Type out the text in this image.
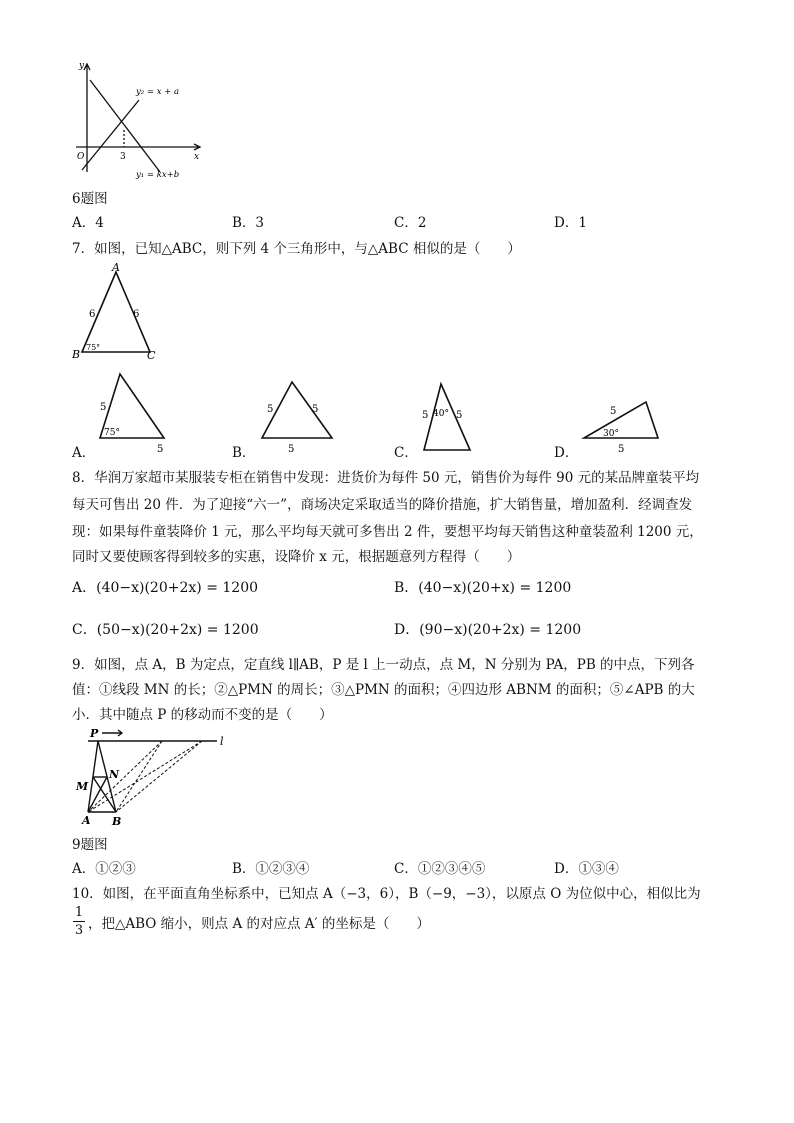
y
x
O	3
y₂ = x + a
y₁ = kx+b
6题图
A．4	B．3	C．2	D．1
7．如图，已知△ABC，则下列 4 个三角形中，与△ABC 相似的是（　　）
A
B	C
6	6
75°
A．
5
75°
5	B．
5	5
5	C．
5 40° 5
D．
5
30°
5
8．华润万家超市某服装专柜在销售中发现：进货价为每件 50 元，销售价为每件 90 元的某品牌童装平均
每天可售出 20 件．为了迎接“六一”，商场决定采取适当的降价措施，扩大销售量，增加盈利．经调查发
现：如果每件童装降价 1 元，那么平均每天就可多售出 2 件，要想平均每天销售这种童装盈利 1200 元，
同时又要使顾客得到较多的实惠，设降价 x 元，根据题意列方程得（　　）
A．(40−x)(20+2x) = 1200	B．(40−x)(20+x) = 1200
C．(50−x)(20+2x) = 1200	D．(90−x)(20+2x) = 1200
9．如图，点 A，B 为定点，定直线 l∥AB，P 是 l 上一动点，点 M，N 分别为 PA，PB 的中点，下列各
值：①线段 MN 的长；②△PMN 的周长；③△PMN 的面积；④四边形 ABNM 的面积；⑤∠APB 的大
小．其中随点 P 的移动而不变的是（　　）
P
l
M
N
A B
9题图
A．①②③	B．①②③④	C．①②③④⑤	D．①③④
10．如图，在平面直角坐标系中，已知点 A（−3，6），B（−9，−3），以原点 O 为位似中心，相似比为
1
3 ，把△ABO 缩小，则点 A 的对应点 A′ 的坐标是（　　）
